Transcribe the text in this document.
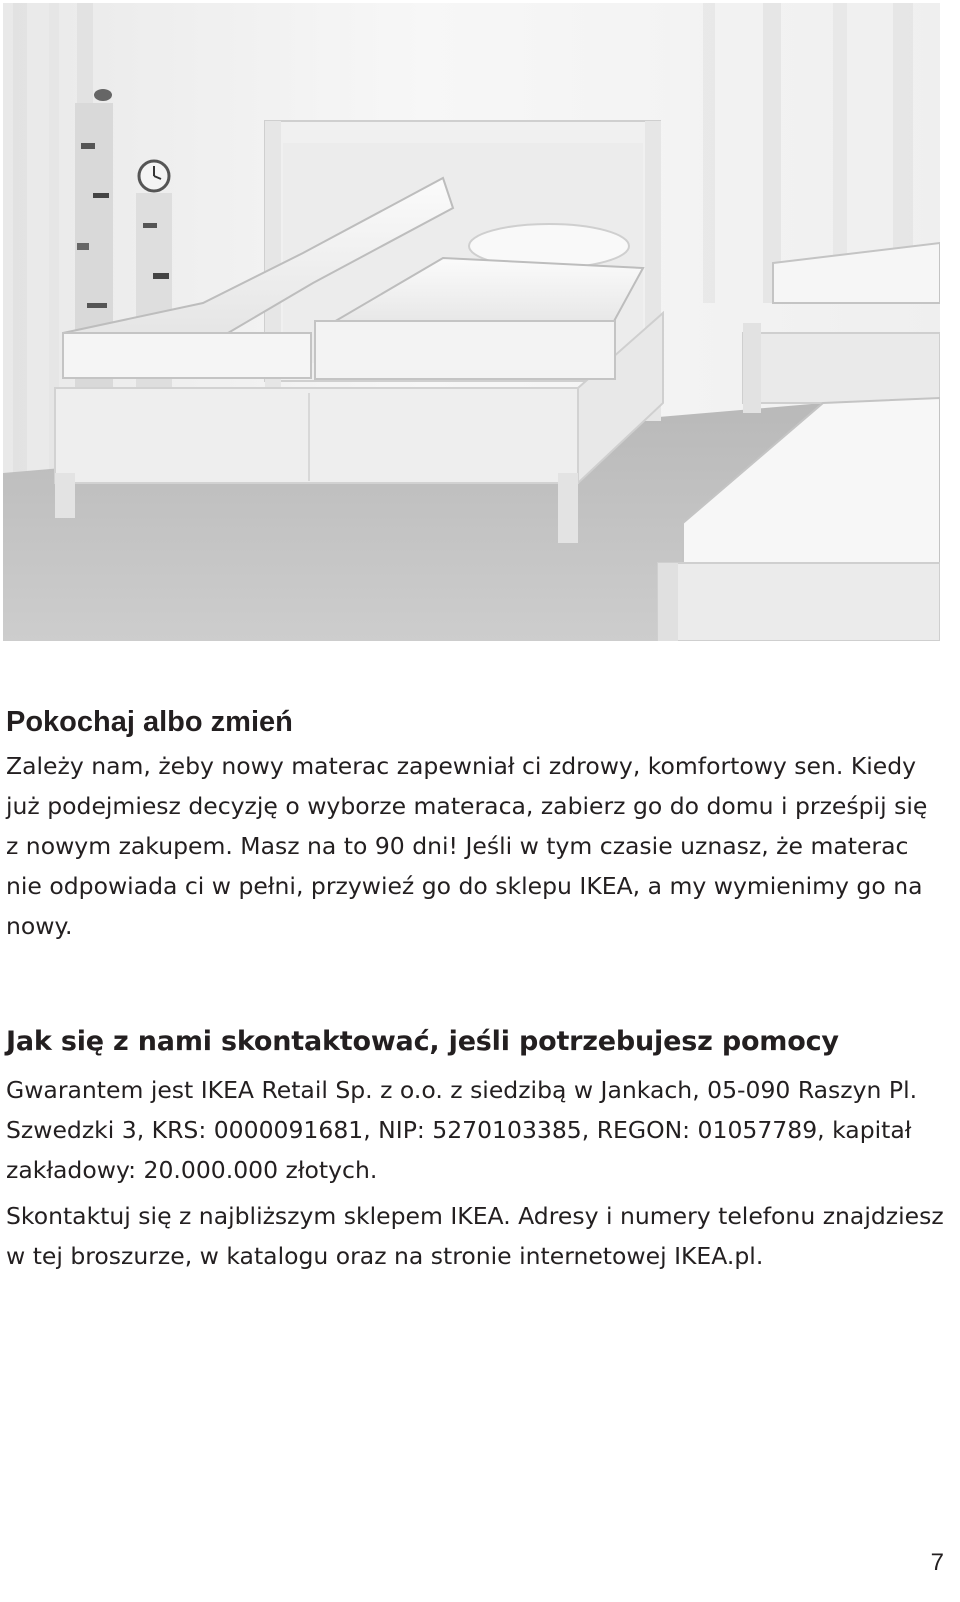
Pokochaj albo zmień

Zależy nam, żeby nowy materac zapewniał ci zdrowy, komfortowy sen. Kiedy już podejmiesz decyzję o wyborze materaca, zabierz go do domu i prześpij się z nowym zakupem. Masz na to 90 dni! Jeśli w tym czasie uznasz, że materac nie odpowiada ci w pełni, przywieź go do sklepu IKEA, a my wymienimy go na nowy.

Jak się z nami skontaktować, jeśli potrzebujesz pomocy

Gwarantem jest IKEA Retail Sp. z o.o. z siedzibą w Jankach, 05-090 Raszyn Pl. Szwedzki 3, KRS: 0000091681, NIP: 5270103385, REGON: 01057789, kapitał zakładowy: 20.000.000 złotych.

Skontaktuj się z najbliższym sklepem IKEA. Adresy i numery telefonu znajdziesz w tej broszurze, w katalogu oraz na stronie internetowej IKEA.pl.

7
